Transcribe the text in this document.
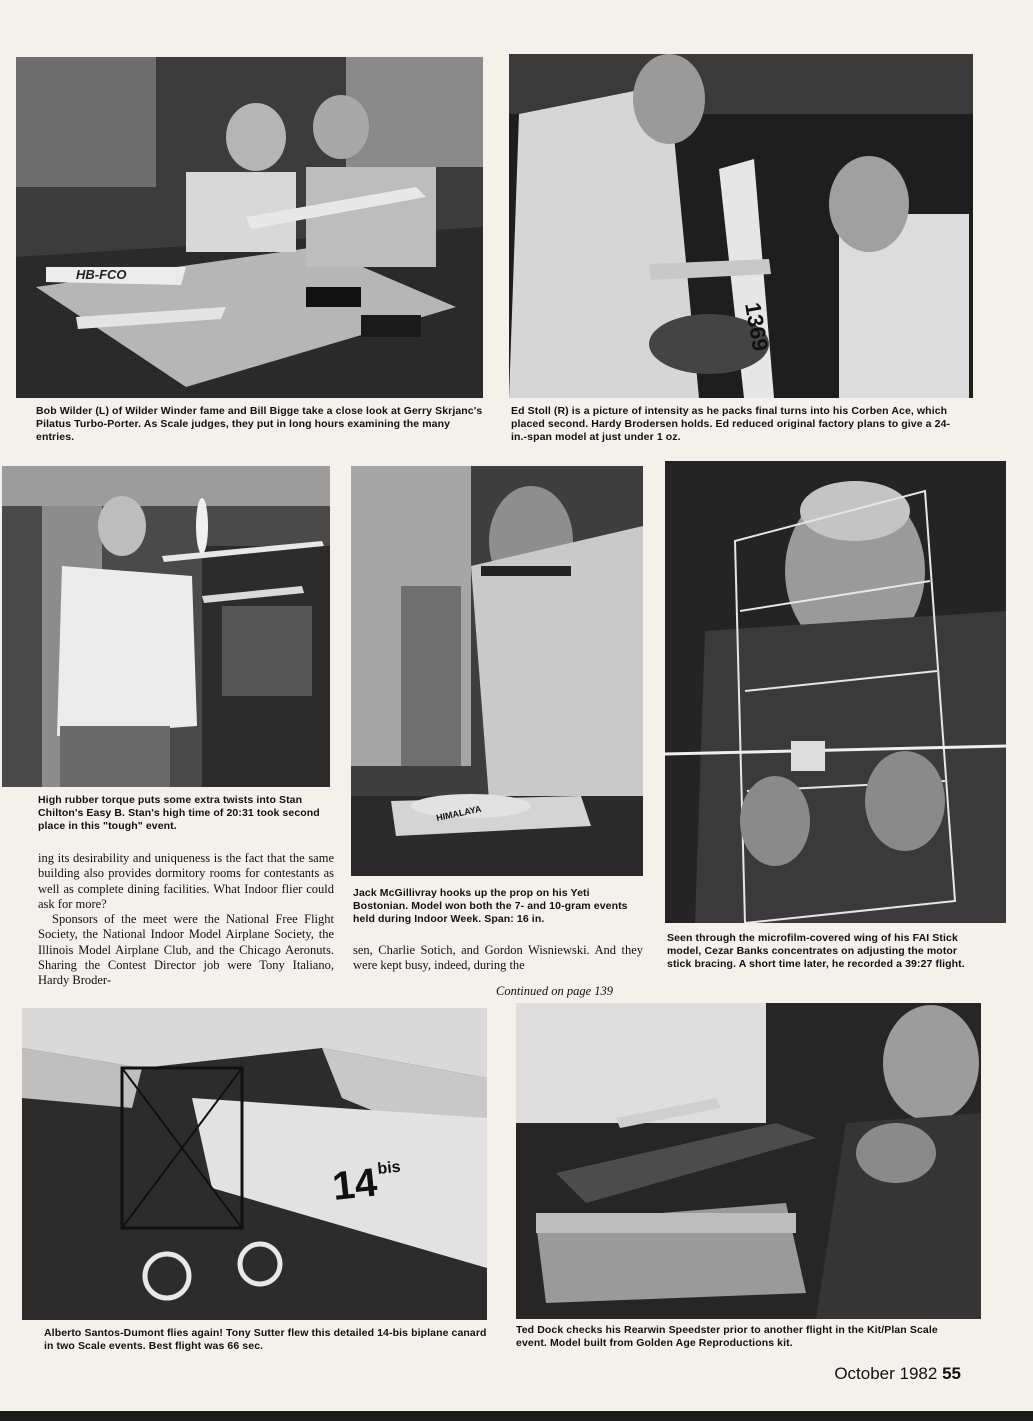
HB-FCO

Bob Wilder (L) of Wilder Winder fame and Bill Bigge take a close look at Gerry Skrjanc's Pilatus Turbo-Porter. As Scale judges, they put in long hours examining the many entries.

1369

Ed Stoll (R) is a picture of intensity as he packs final turns into his Corben Ace, which placed second. Hardy Brodersen holds. Ed reduced original factory plans to give a 24-in.-span model at just under 1 oz.

High rubber torque puts some extra twists into Stan Chilton's Easy B. Stan's high time of 20:31 took second place in this "tough" event.

HIMALAYA

Jack McGillivray hooks up the prop on his Yeti Bostonian. Model won both the 7- and 10-gram events held during Indoor Week. Span: 16 in.

Seen through the microfilm-covered wing of his FAI Stick model, Cezar Banks concentrates on adjusting the motor stick bracing. A short time later, he recorded a 39:27 flight.

ing its desirability and uniqueness is the fact that the same building also provides dormitory rooms for contestants as well as complete dining facilities. What Indoor flier could ask for more?

Sponsors of the meet were the National Free Flight Society, the National Indoor Model Airplane Society, the Illinois Model Airplane Club, and the Chicago Aeronuts. Sharing the Contest Director job were Tony Italiano, Hardy Broder-

sen, Charlie Sotich, and Gordon Wisniewski. And they were kept busy, indeed, during the

Continued on page 139
14
bis

Alberto Santos-Dumont flies again! Tony Sutter flew this detailed 14-bis biplane canard in two Scale events. Best flight was 66 sec.

Ted Dock checks his Rearwin Speedster prior to another flight in the Kit/Plan Scale event. Model built from Golden Age Reproductions kit.

October 1982 55
